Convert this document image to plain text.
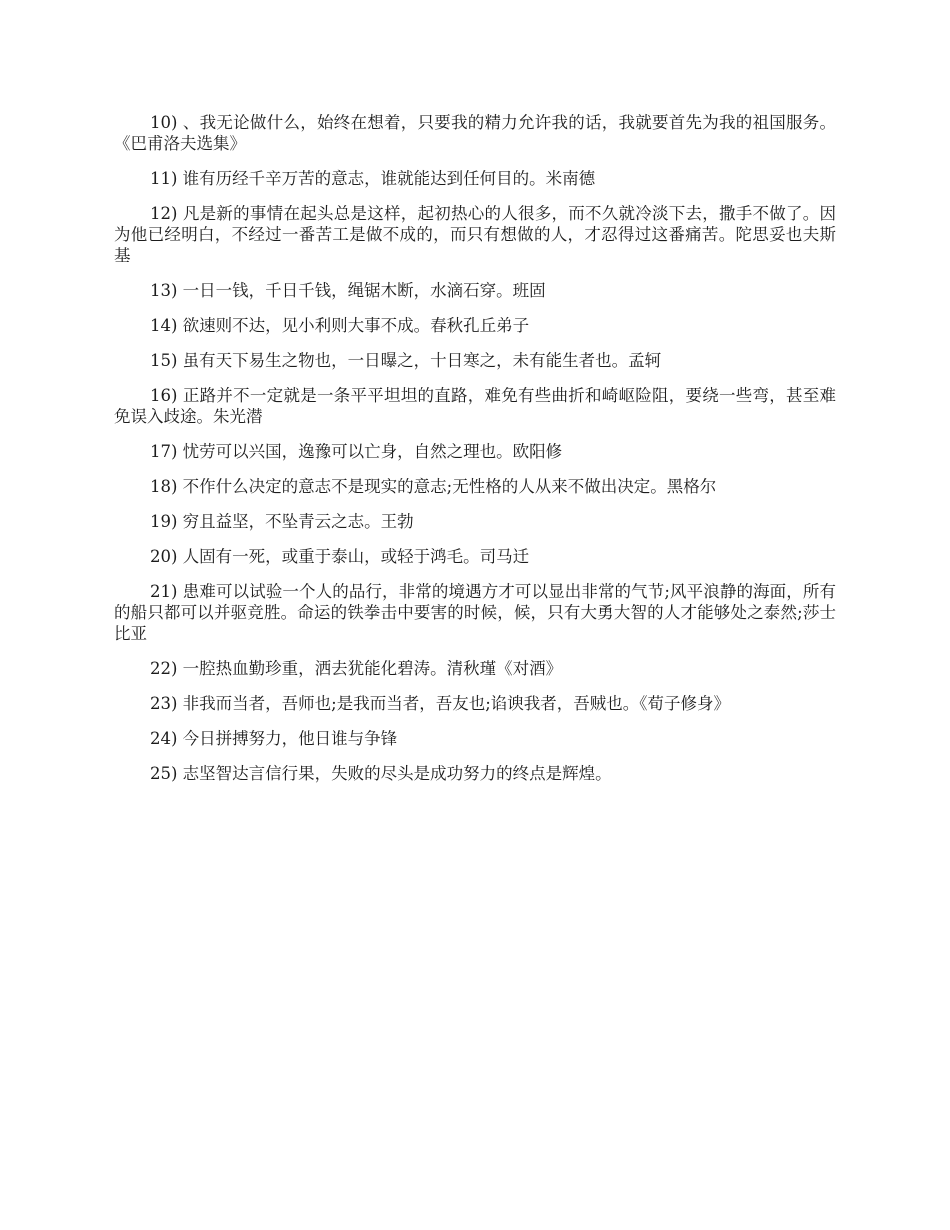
10) 、我无论做什么，始终在想着，只要我的精力允许我的话，我就要首先为我的祖国服务。《巴甫洛夫选集》

11) 谁有历经千辛万苦的意志，谁就能达到任何目的。米南德

12) 凡是新的事情在起头总是这样，起初热心的人很多，而不久就冷淡下去，撒手不做了。因为他已经明白，不经过一番苦工是做不成的，而只有想做的人，才忍得过这番痛苦。陀思妥也夫斯基

13) 一日一钱，千日千钱，绳锯木断，水滴石穿。班固

14) 欲速则不达，见小利则大事不成。春秋孔丘弟子

15) 虽有天下易生之物也，一日曝之，十日寒之，未有能生者也。孟轲

16) 正路并不一定就是一条平平坦坦的直路，难免有些曲折和崎岖险阻，要绕一些弯，甚至难免误入歧途。朱光潜

17) 忧劳可以兴国，逸豫可以亡身，自然之理也。欧阳修

18) 不作什么决定的意志不是现实的意志;无性格的人从来不做出决定。黑格尔

19) 穷且益坚，不坠青云之志。王勃

20) 人固有一死，或重于泰山，或轻于鸿毛。司马迁

21) 患难可以试验一个人的品行，非常的境遇方才可以显出非常的气节;风平浪静的海面，所有的船只都可以并驱竞胜。命运的铁拳击中要害的时候，候，只有大勇大智的人才能够处之泰然;莎士比亚

22) 一腔热血勤珍重，洒去犹能化碧涛。清秋瑾《对酒》

23) 非我而当者，吾师也;是我而当者，吾友也;谄谀我者，吾贼也。《荀子修身》

24) 今日拼搏努力，他日谁与争锋

25) 志坚智达言信行果，失败的尽头是成功努力的终点是辉煌。
